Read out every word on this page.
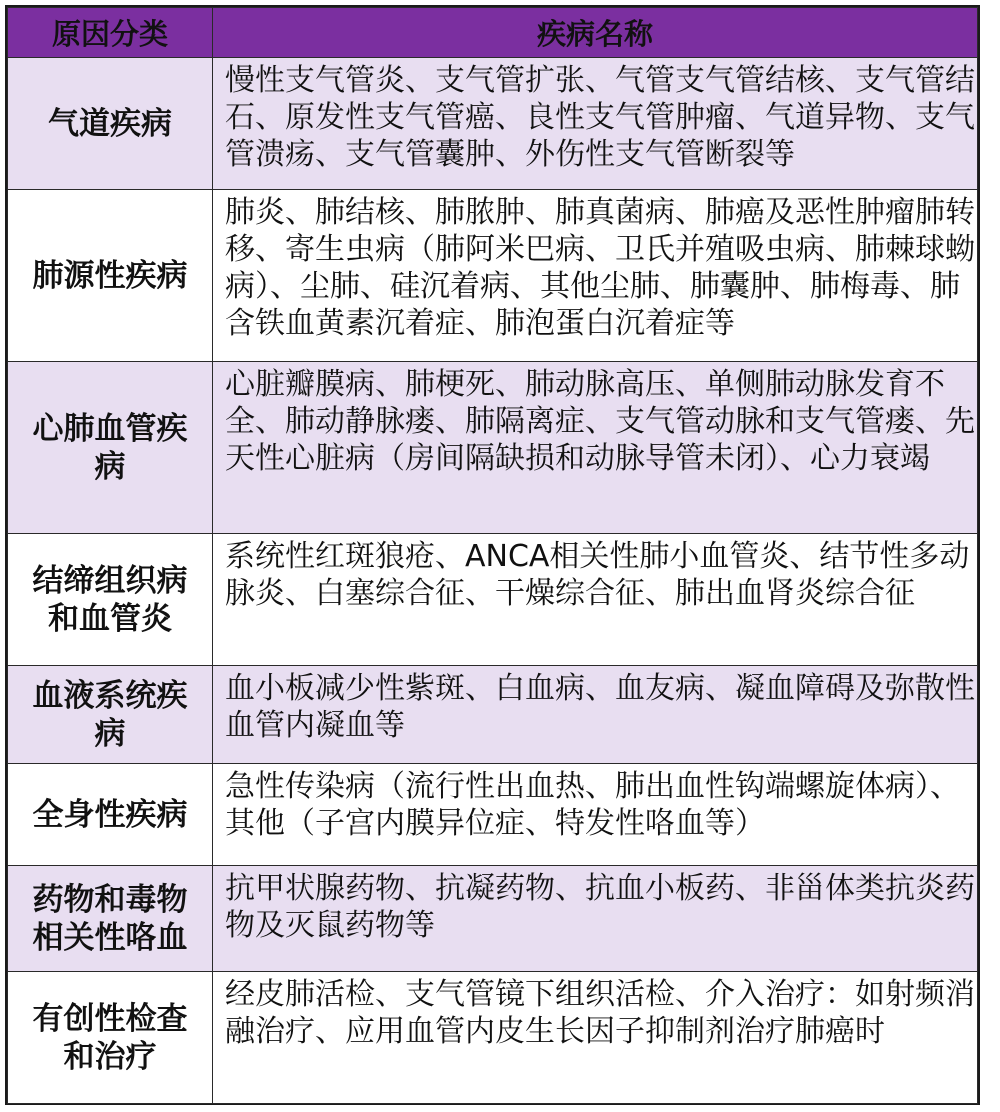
原因分类	疾病名称
气道疾病	慢性支气管炎、支气管扩张、气管支气管结核、支气管结石、原发性支气管癌、良性支气管肿瘤、气道异物、支气管溃疡、支气管囊肿、外伤性支气管断裂等
肺源性疾病	肺炎、肺结核、肺脓肿、肺真菌病、肺癌及恶性肿瘤肺转移、寄生虫病（肺阿米巴病、卫氏并殖吸虫病、肺棘球蚴病）、尘肺、硅沉着病、其他尘肺、肺囊肿、肺梅毒、肺含铁血黄素沉着症、肺泡蛋白沉着症等
心肺血管疾病	心脏瓣膜病、肺梗死、肺动脉高压、单侧肺动脉发育不全、肺动静脉瘘、肺隔离症、支气管动脉和支气管瘘、先天性心脏病（房间隔缺损和动脉导管未闭）、心力衰竭
结缔组织病和血管炎	系统性红斑狼疮、ANCA相关性肺小血管炎、结节性多动脉炎、白塞综合征、干燥综合征、肺出血肾炎综合征
血液系统疾病	血小板减少性紫斑、白血病、血友病、凝血障碍及弥散性血管内凝血等
全身性疾病	急性传染病（流行性出血热、肺出血性钩端螺旋体病）、其他（子宫内膜异位症、特发性咯血等）
药物和毒物相关性咯血	抗甲状腺药物、抗凝药物、抗血小板药、非甾体类抗炎药物及灭鼠药物等
有创性检查和治疗	经皮肺活检、支气管镜下组织活检、介入治疗：如射频消融治疗、应用血管内皮生长因子抑制剂治疗肺癌时
